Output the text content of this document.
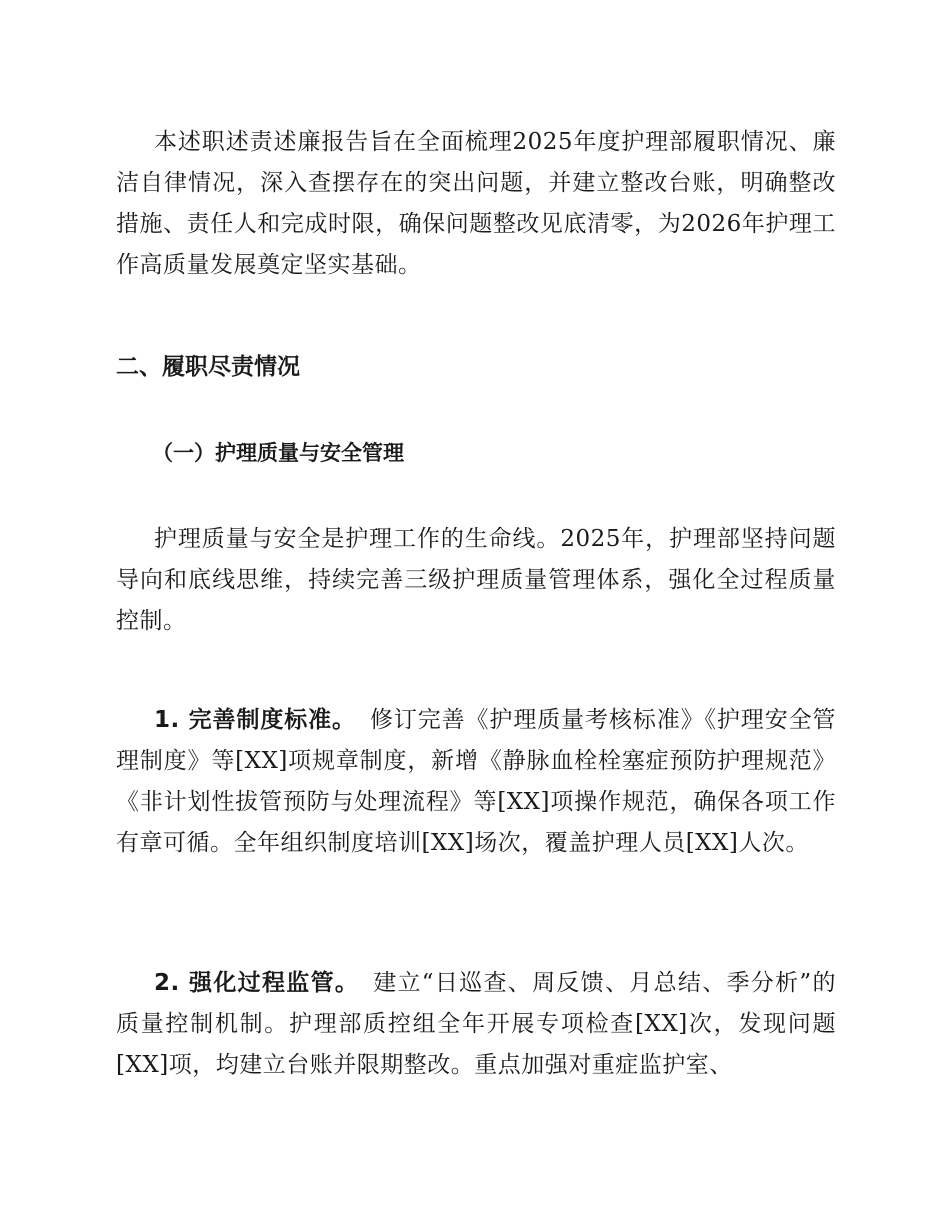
本述职述责述廉报告旨在全面梳理2025年度护理部履职情况、廉洁自律情况，深入查摆存在的突出问题，并建立整改台账，明确整改措施、责任人和完成时限，确保问题整改见底清零，为2026年护理工作高质量发展奠定坚实基础。

二、履职尽责情况
（一）护理质量与安全管理

护理质量与安全是护理工作的生命线。2025年，护理部坚持问题导向和底线思维，持续完善三级护理质量管理体系，强化全过程质量控制。

1. 完善制度标准。 修订完善《护理质量考核标准》《护理安全管理制度》等[XX]项规章制度，新增《静脉血栓栓塞症预防护理规范》《非计划性拔管预防与处理流程》等[XX]项操作规范，确保各项工作有章可循。全年组织制度培训[XX]场次，覆盖护理人员[XX]人次。

2. 强化过程监管。 建立“日巡查、周反馈、月总结、季分析”的质量控制机制。护理部质控组全年开展专项检查[XX]次，发现问题[XX]项，均建立台账并限期整改。重点加强对重症监护室、
